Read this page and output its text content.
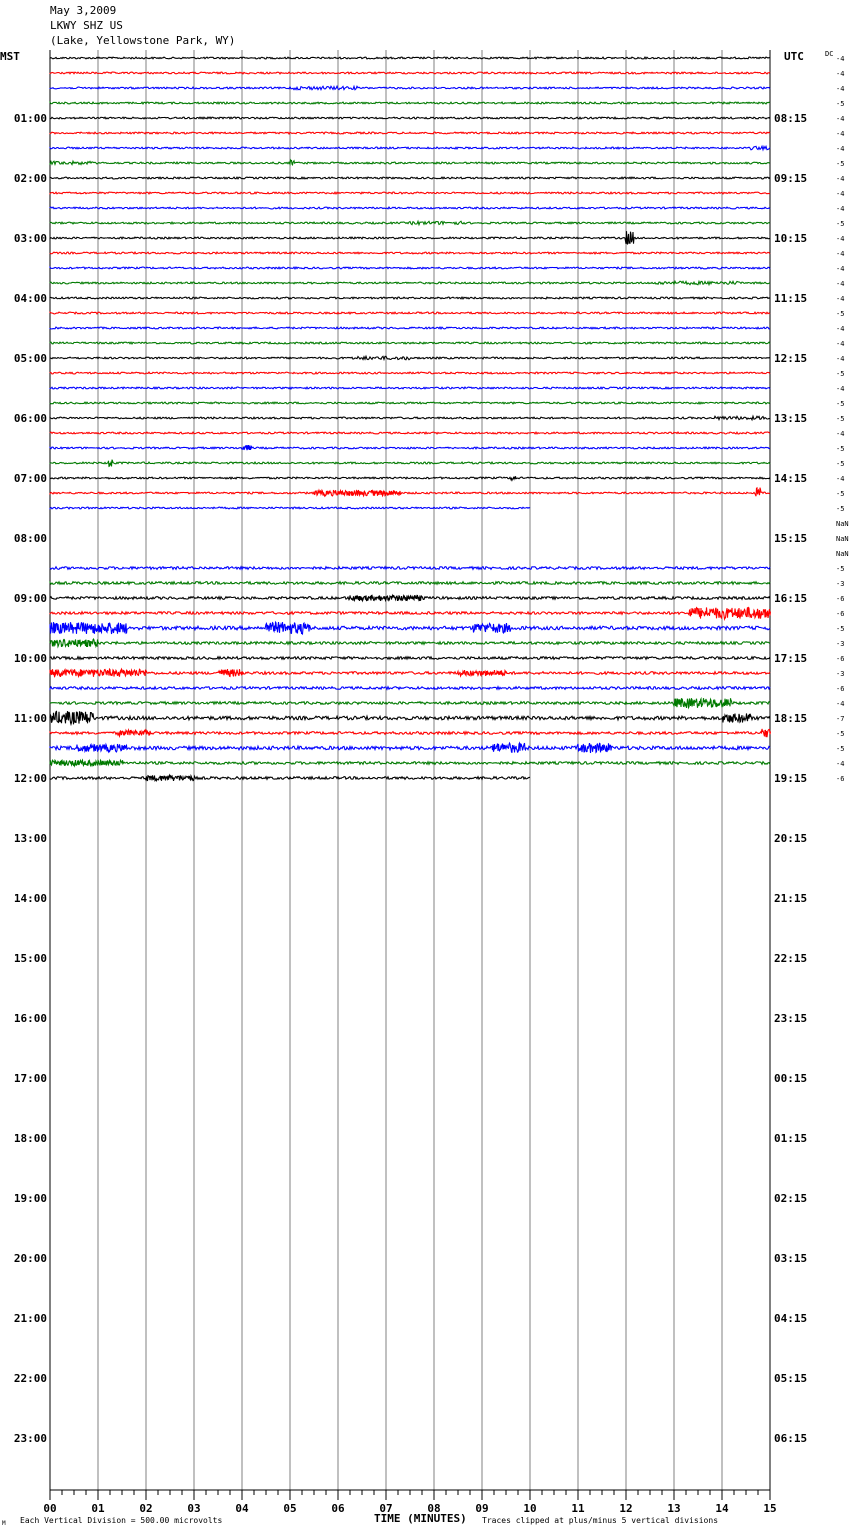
May 3,2009
LKWY SHZ US
(Lake, Yellowstone Park, WY)
00	01	02	03	04	05	06	07	08	09	10	11	12	13	14	15
01:00
02:00
03:00
04:00
05:00
06:00
07:00
08:00
09:00
10:00
11:00
12:00
13:00
14:00
15:00
16:00
17:00
18:00
19:00
20:00
21:00
22:00
23:00
08:15
09:15
10:15
11:15
12:15
13:15
14:15
15:15
16:15
17:15
18:15
19:15
20:15
21:15
22:15
23:15
00:15
01:15
02:15
03:15
04:15
05:15
06:15
-4
-4
-4
-5
-4
-4
-4
-5
-4
-4
-4
-5
-4
-4
-4
-4
-4
-5
-4
-4
-4
-5
-4
-5
-5
-4
-5
-5
-4
-5
-5
NaN
NaN
NaN
-5
-3
-6
-6
-5
-3
-6
-3
-6
-4
-7
-5
-5
-4
-6
MST	UTC	DC
TIME (MINUTES)
Each Vertical Division = 500.00 microvolts	Traces clipped at plus/minus 5 vertical divisions
M
